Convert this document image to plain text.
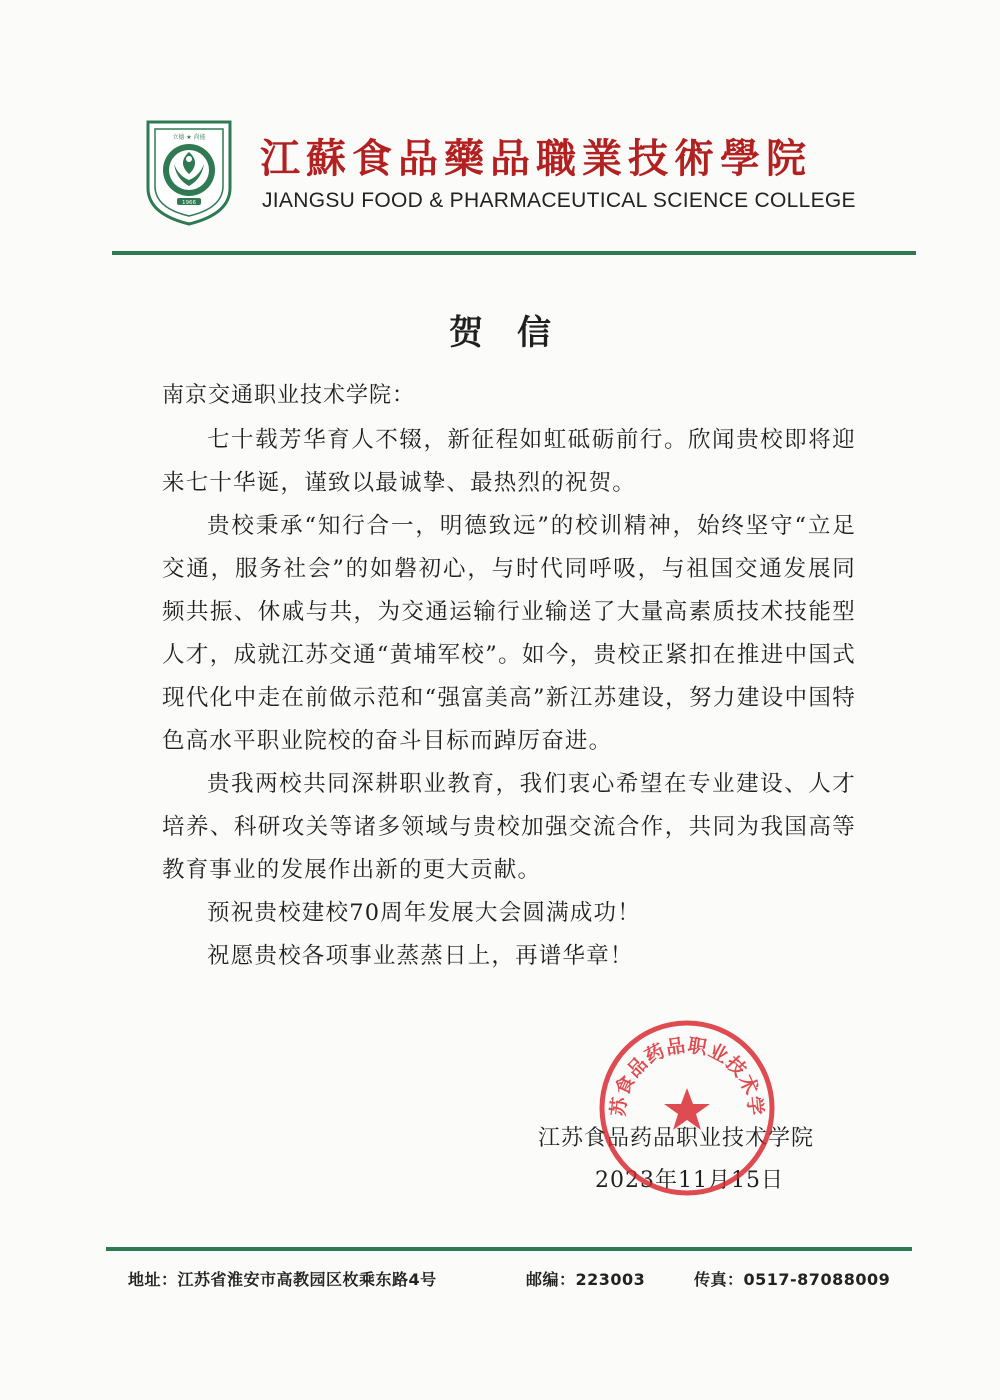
1966
立德 ★ 尚能 江蘇食品藥品職業技術學院
JIANGSU FOOD & PHARMACEUTICAL SCIENCE COLLEGE
贺信
南京交通职业技术学院：

七十载芳华育人不辍，新征程如虹砥砺前行。欣闻贵校即将迎来七十华诞，谨致以最诚挚、最热烈的祝贺。

贵校秉承“知行合一，明德致远”的校训精神，始终坚守“立足交通，服务社会”的如磐初心，与时代同呼吸，与祖国交通发展同频共振、休戚与共，为交通运输行业输送了大量高素质技术技能型人才，成就江苏交通“黄埔军校”。如今，贵校正紧扣在推进中国式现代化中走在前做示范和“强富美高”新江苏建设，努力建设中国特色高水平职业院校的奋斗目标而踔厉奋进。

贵我两校共同深耕职业教育，我们衷心希望在专业建设、人才培养、科研攻关等诸多领域与贵校加强交流合作，共同为我国高等教育事业的发展作出新的更大贡献。

预祝贵校建校70周年发展大会圆满成功！

祝愿贵校各项事业蒸蒸日上，再谱华章！

江苏食品药品职业技术学院
2023年11月15日
苏食品药品职业技术学
地址：江苏省淮安市高教园区枚乘东路4号	邮编：223003	传真：0517-87088009
